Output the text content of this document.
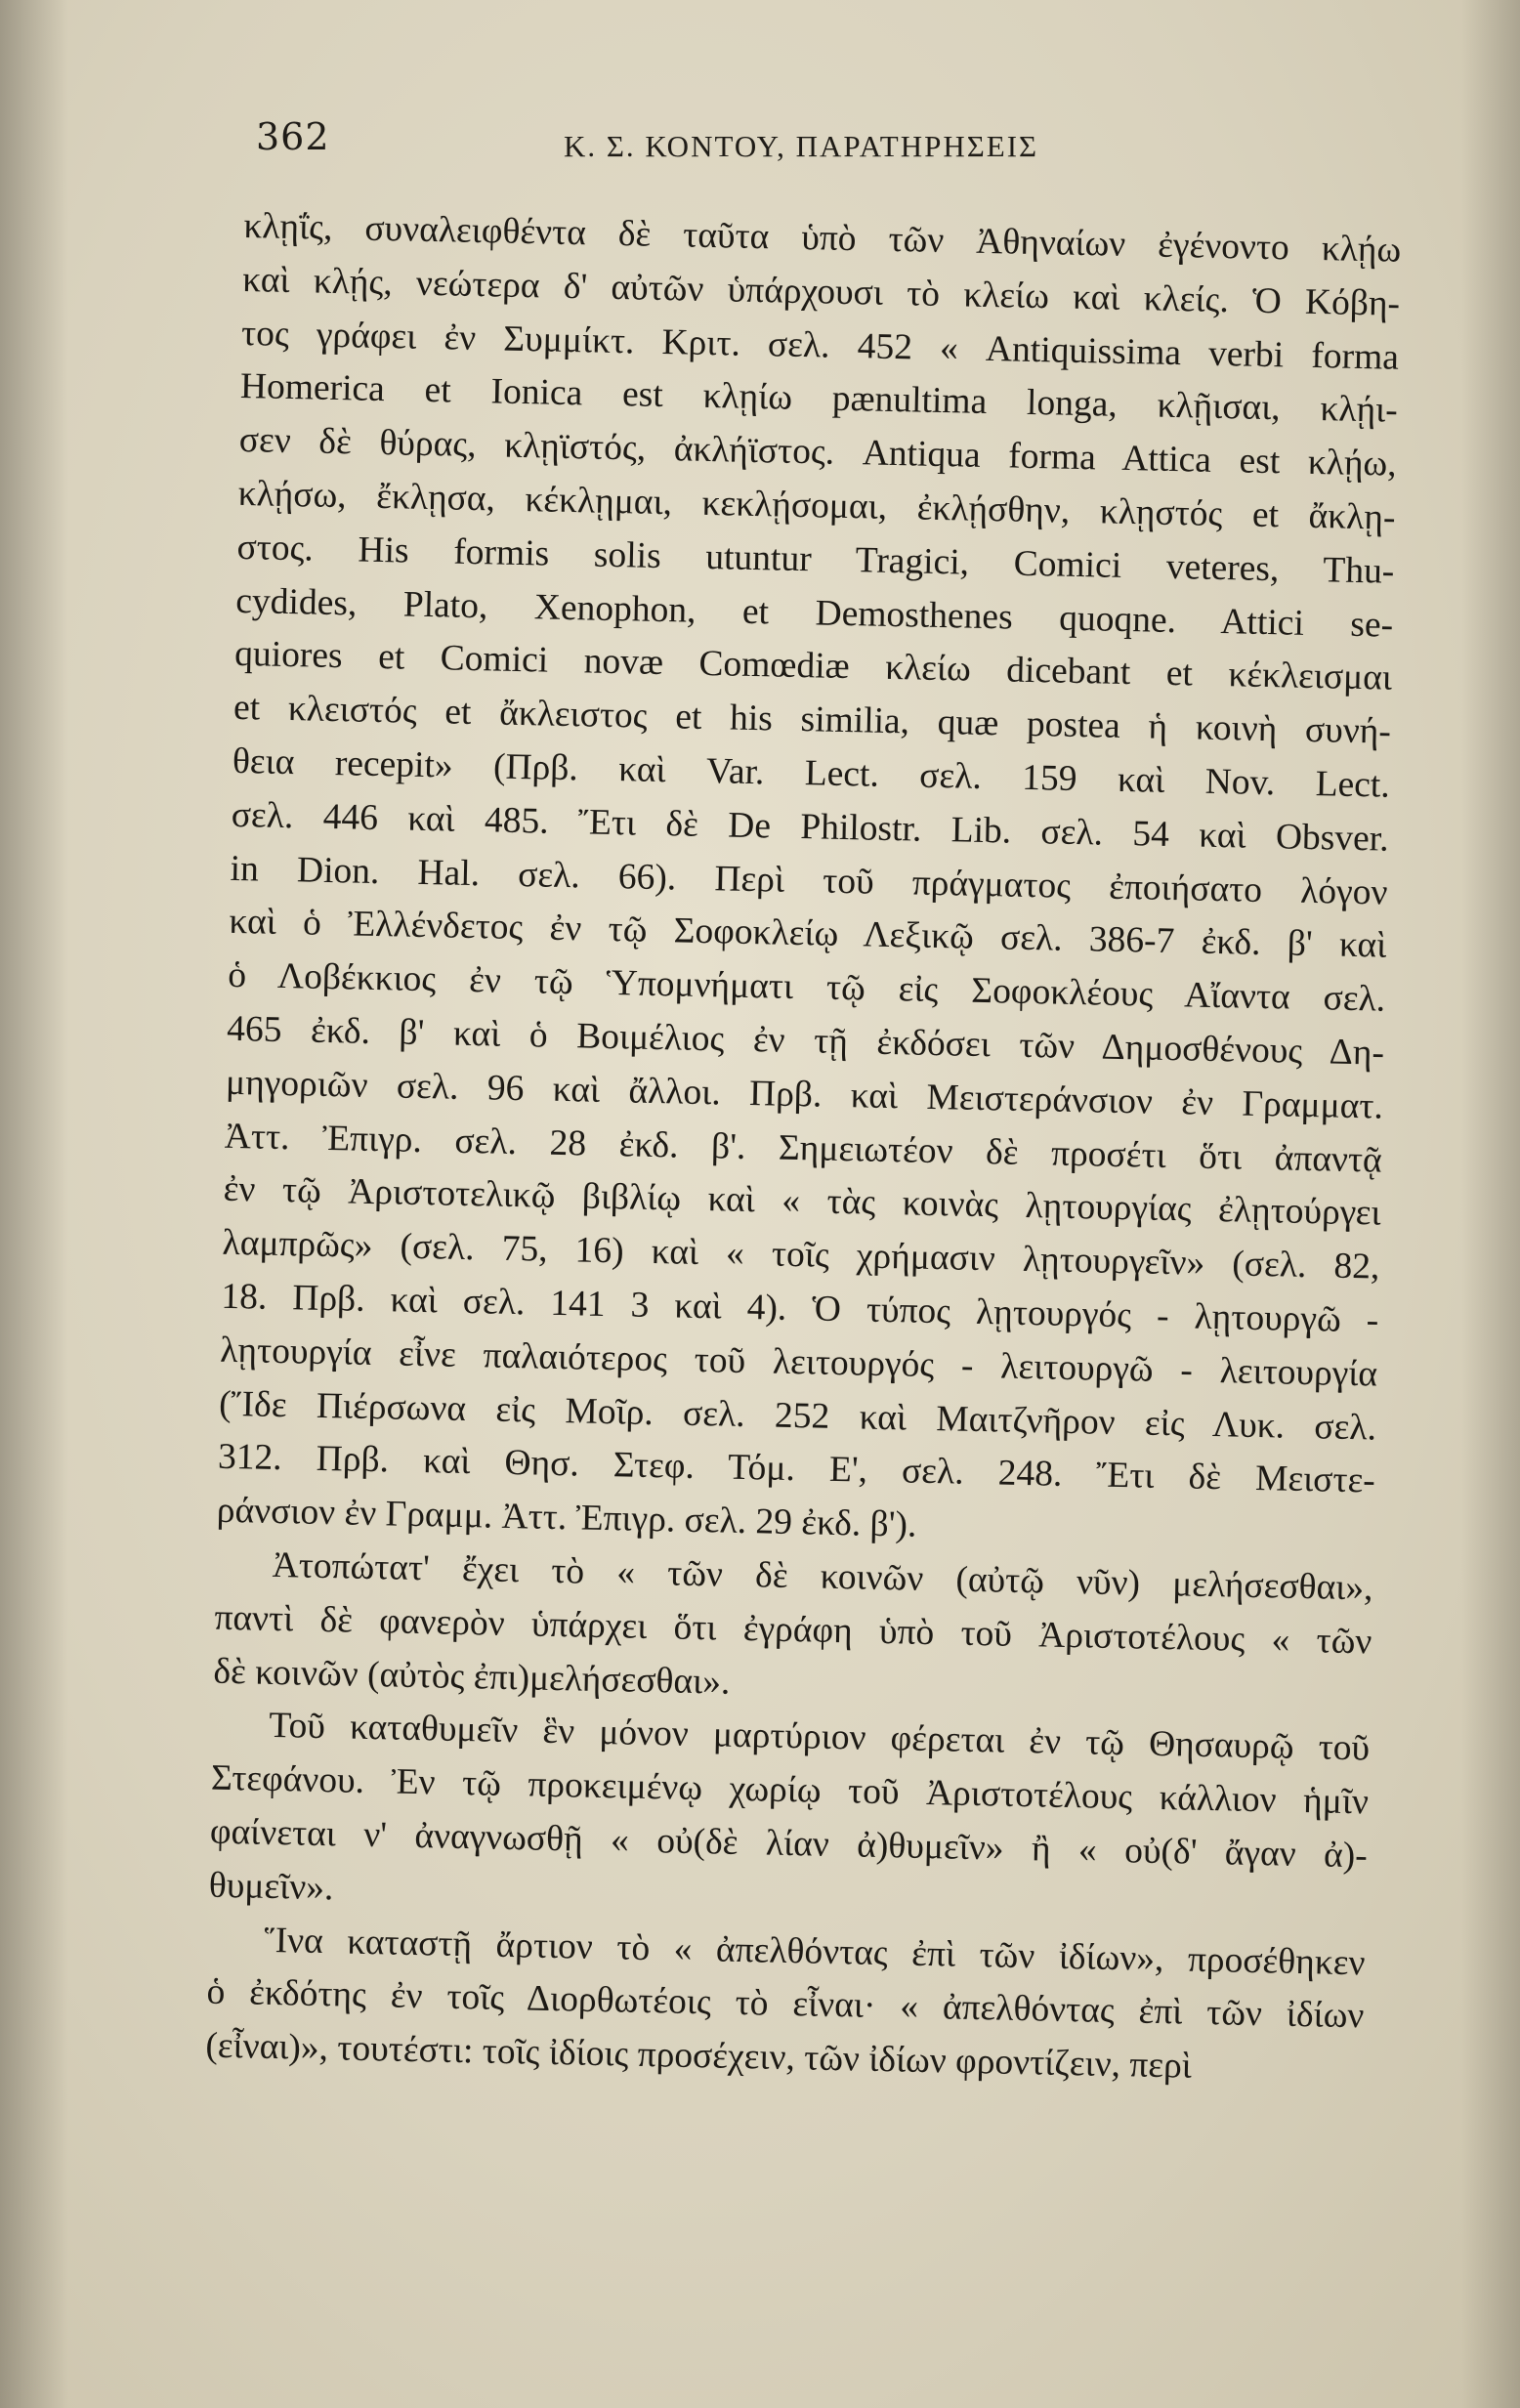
362	Κ. Σ. ΚΟΝΤΟΥ, ΠΑΡΑΤΗΡΗΣΕΙΣ
κλῃΐς, συναλειφθέντα δὲ ταῦτα ὑπὸ τῶν Ἀθηναίων ἐγένοντο κλῄω
καὶ κλῄς, νεώτερα δ' αὐτῶν ὑπάρχουσι τὸ κλείω καὶ κλείς. Ὁ Κόβη-
τος γράφει ἐν Συμμίκτ. Κριτ. σελ. 452 « Antiquissima verbi forma
Homerica et Ionica est κλῃίω pænultima longa, κλῇισαι, κλῄι-
σεν δὲ θύρας, κλῃϊστός, ἀκλήϊστος. Antiqua forma Attica est κλῄω,
κλῄσω, ἔκλῃσα, κέκλῃμαι, κεκλῄσομαι, ἐκλῄσθην, κλῃστός et ἄκλῃ-
στος. His formis solis utuntur Tragici, Comici veteres, Thu-
cydides, Plato, Xenophon, et Demosthenes quoqne. Attici se-
quiores et Comici novæ Comœdiæ κλείω dicebant et κέκλεισμαι
et κλειστός et ἄκλειστος et his similia, quæ postea ἡ κοινὴ συνή-
θεια recepit» (Πρβ. καὶ Var. Lect. σελ. 159 καὶ Nov. Lect.
σελ. 446 καὶ 485. Ἔτι δὲ De Philostr. Lib. σελ. 54 καὶ Obsver.
in Dion. Hal. σελ. 66). Περὶ τοῦ πράγματος ἐποιήσατο λόγον
καὶ ὁ Ἐλλένδετος ἐν τῷ Σοφοκλείῳ Λεξικῷ σελ. 386-7 ἐκδ. β' καὶ
ὁ Λοβέκκιος ἐν τῷ Ὑπομνήματι τῷ εἰς Σοφοκλέους Αἴαντα σελ.
465 ἐκδ. β' καὶ ὁ Βοιμέλιος ἐν τῇ ἐκδόσει τῶν Δημοσθένους Δη-
μηγοριῶν σελ. 96 καὶ ἄλλοι. Πρβ. καὶ Μειστεράνσιον ἐν Γραμματ.
Ἀττ. Ἐπιγρ. σελ. 28 ἐκδ. β'. Σημειωτέον δὲ προσέτι ὅτι ἀπαντᾷ
ἐν τῷ Ἀριστοτελικῷ βιβλίῳ καὶ « τὰς κοινὰς λῃτουργίας ἐλῃτούργει
λαμπρῶς» (σελ. 75, 16) καὶ « τοῖς χρήμασιν λῃτουργεῖν» (σελ. 82,
18. Πρβ. καὶ σελ. 141 3 καὶ 4). Ὁ τύπος λῃτουργός - λῃτουργῶ -
λῃτουργία εἶνε παλαιότερος τοῦ λειτουργός - λειτουργῶ - λειτουργία
(Ἴδε Πιέρσωνα εἰς Μοῖρ. σελ. 252 καὶ Μαιτζνῆρον εἰς Λυκ. σελ.
312. Πρβ. καὶ Θησ. Στεφ. Τόμ. Ε', σελ. 248. Ἔτι δὲ Μειστε-
ράνσιον ἐν Γραμμ. Ἀττ. Ἐπιγρ. σελ. 29 ἐκδ. β').
Ἀτοπώτατ' ἔχει τὸ « τῶν δὲ κοινῶν (αὐτῷ νῦν) μελήσεσθαι»,
παντὶ δὲ φανερὸν ὑπάρχει ὅτι ἐγράφη ὑπὸ τοῦ Ἀριστοτέλους « τῶν
δὲ κοινῶν (αὐτὸς ἐπι)μελήσεσθαι».
Τοῦ καταθυμεῖν ἓν μόνον μαρτύριον φέρεται ἐν τῷ Θησαυρῷ τοῦ
Στεφάνου. Ἐν τῷ προκειμένῳ χωρίῳ τοῦ Ἀριστοτέλους κάλλιον ἡμῖν
φαίνεται ν' ἀναγνωσθῇ « οὐ(δὲ λίαν ἀ)θυμεῖν» ἢ « οὐ(δ' ἄγαν ἀ)-
θυμεῖν».
Ἵνα καταστῇ ἄρτιον τὸ « ἀπελθόντας ἐπὶ τῶν ἰδίων», προσέθηκεν
ὁ ἐκδότης ἐν τοῖς Διορθωτέοις τὸ εἶναι· « ἀπελθόντας ἐπὶ τῶν ἰδίων
(εἶναι)», τουτέστι: τοῖς ἰδίοις προσέχειν, τῶν ἰδίων φροντίζειν, περὶ
